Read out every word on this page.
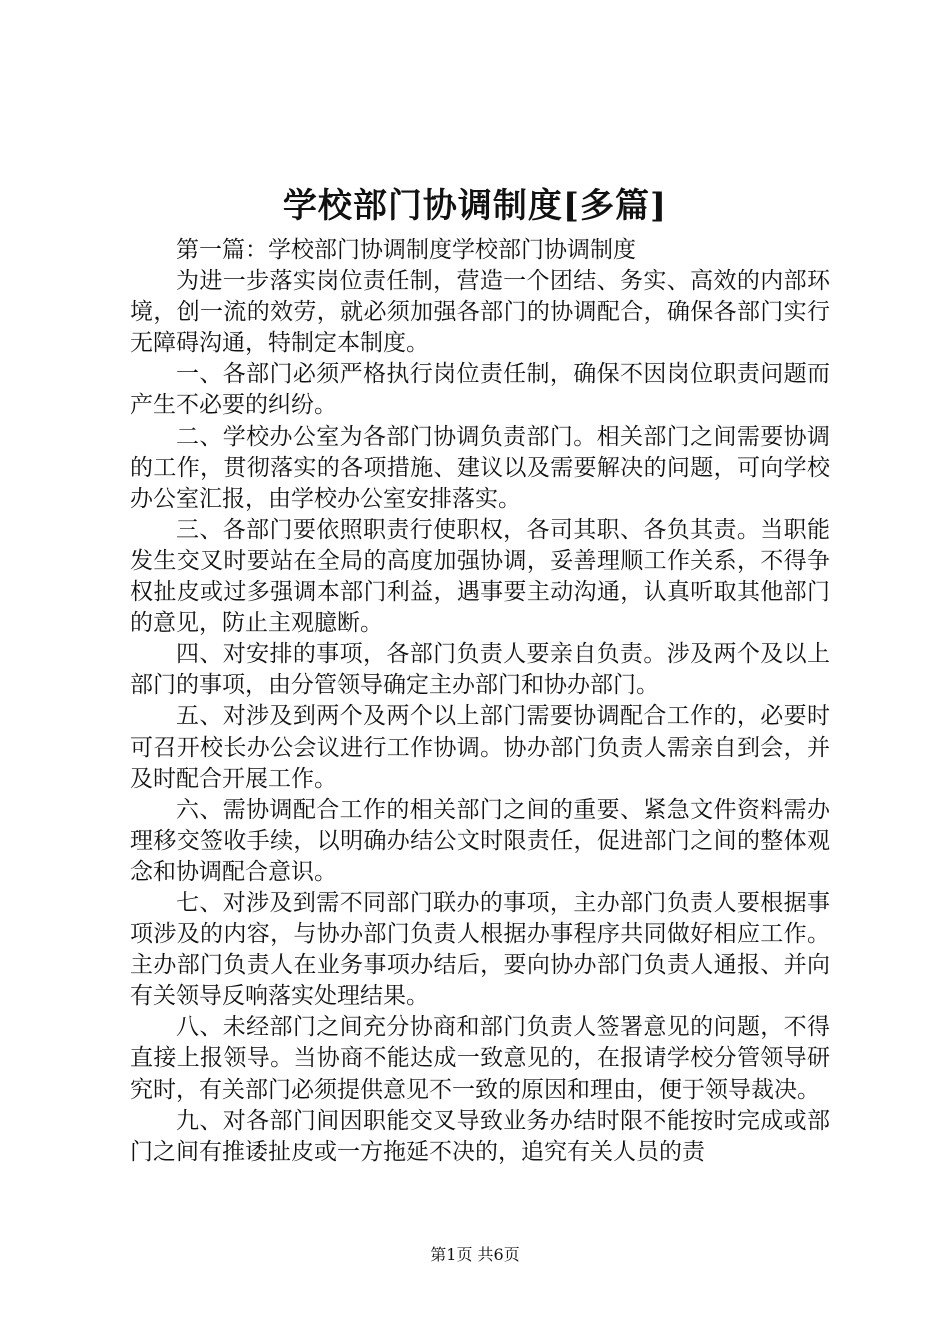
学校部门协调制度[多篇]

第一篇：学校部门协调制度学校部门协调制度

为进一步落实岗位责任制，营造一个团结、务实、高效的内部环境，创一流的效劳，就必须加强各部门的协调配合，确保各部门实行无障碍沟通，特制定本制度。

一、各部门必须严格执行岗位责任制，确保不因岗位职责问题而产生不必要的纠纷。

二、学校办公室为各部门协调负责部门。相关部门之间需要协调的工作，贯彻落实的各项措施、建议以及需要解决的问题，可向学校办公室汇报，由学校办公室安排落实。

三、各部门要依照职责行使职权，各司其职、各负其责。当职能发生交叉时要站在全局的高度加强协调，妥善理顺工作关系，不得争权扯皮或过多强调本部门利益，遇事要主动沟通，认真听取其他部门的意见，防止主观臆断。

四、对安排的事项，各部门负责人要亲自负责。涉及两个及以上部门的事项，由分管领导确定主办部门和协办部门。

五、对涉及到两个及两个以上部门需要协调配合工作的，必要时可召开校长办公会议进行工作协调。协办部门负责人需亲自到会，并及时配合开展工作。

六、需协调配合工作的相关部门之间的重要、紧急文件资料需办理移交签收手续，以明确办结公文时限责任，促进部门之间的整体观念和协调配合意识。

七、对涉及到需不同部门联办的事项，主办部门负责人要根据事项涉及的内容，与协办部门负责人根据办事程序共同做好相应工作。主办部门负责人在业务事项办结后，要向协办部门负责人通报、并向有关领导反响落实处理结果。

八、未经部门之间充分协商和部门负责人签署意见的问题，不得直接上报领导。当协商不能达成一致意见的，在报请学校分管领导研究时，有关部门必须提供意见不一致的原因和理由，便于领导裁决。

九、对各部门间因职能交叉导致业务办结时限不能按时完成或部门之间有推诿扯皮或一方拖延不决的，追究有关人员的责

第1页 共6页
